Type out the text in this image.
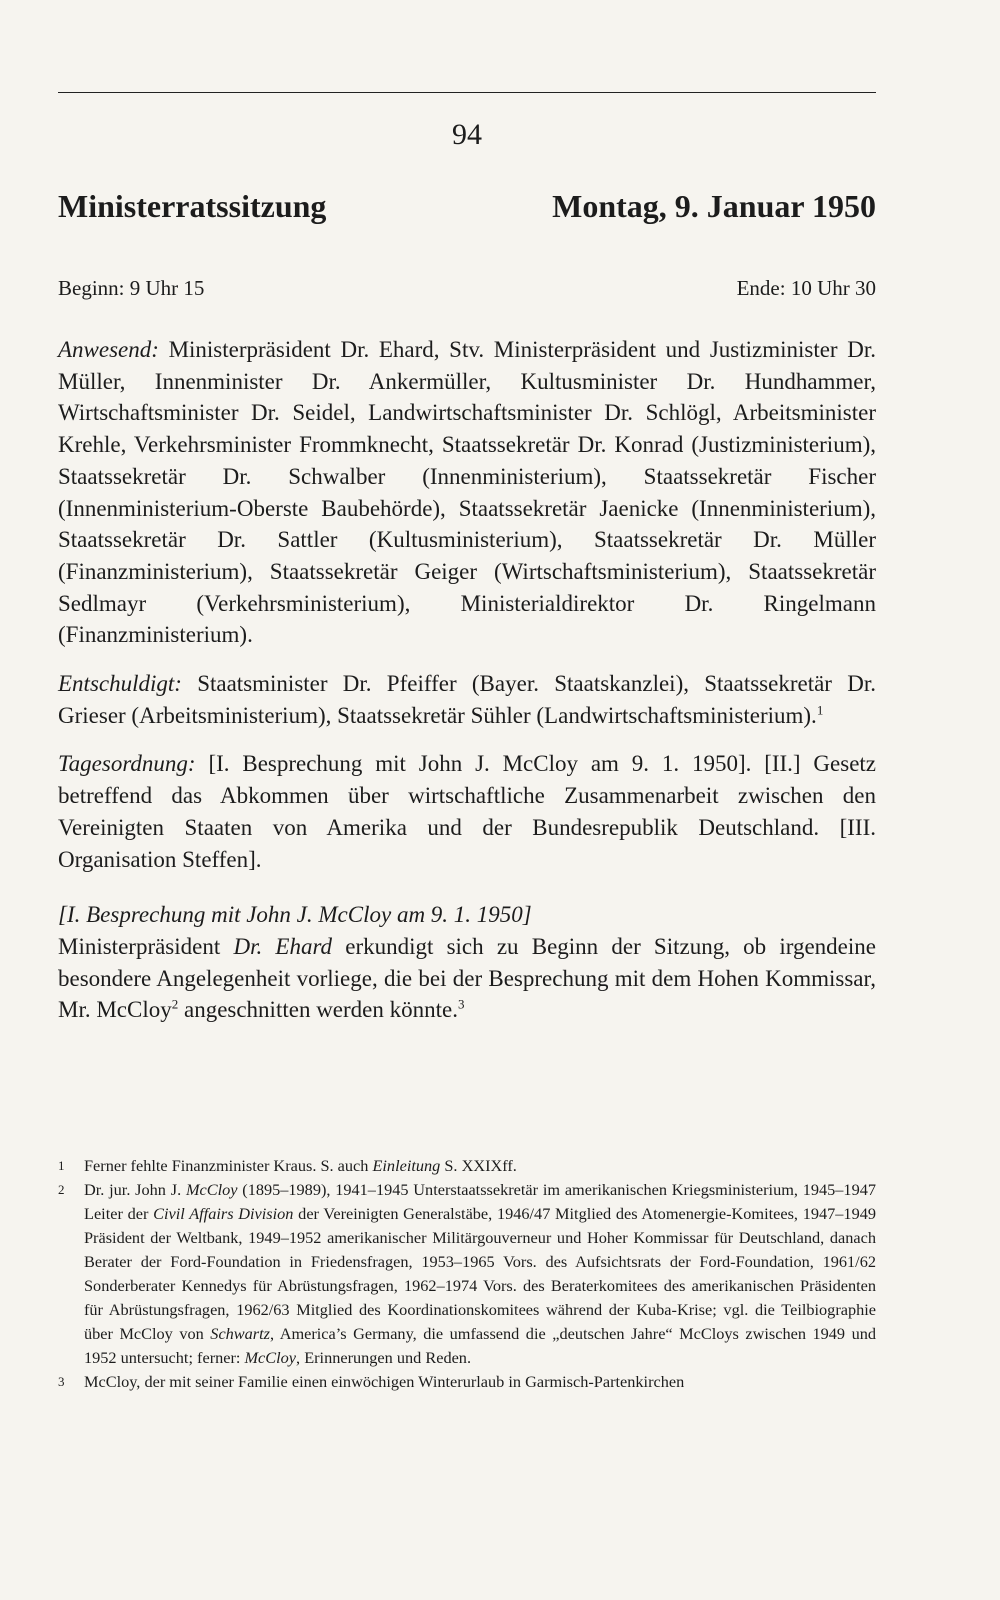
94
Ministerratssitzung	Montag, 9. Januar 1950
Beginn: 9 Uhr 15	Ende: 10 Uhr 30

Anwesend: Ministerpräsident Dr. Ehard, Stv. Ministerpräsident und Justizminister Dr. Müller, Innenminister Dr. Ankermüller, Kultusminister Dr. Hundhammer, Wirtschaftsminister Dr. Seidel, Landwirtschaftsminister Dr. Schlögl, Arbeitsminister Krehle, Verkehrsminister Frommknecht, Staatssekretär Dr. Konrad (Justizministerium), Staatssekretär Dr. Schwalber (Innenministerium), Staatssekretär Fischer (Innenministerium-Oberste Baubehörde), Staatssekretär Jaenicke (Innenministerium), Staatssekretär Dr. Sattler (Kultusministerium), Staatssekretär Dr. Müller (Finanzministerium), Staatssekretär Geiger (Wirtschaftsministerium), Staatssekretär Sedlmayr (Verkehrsministerium), Ministerialdirektor Dr. Ringelmann (Finanzministerium).

Entschuldigt: Staatsminister Dr. Pfeiffer (Bayer. Staatskanzlei), Staatssekretär Dr. Grieser (Arbeitsministerium), Staatssekretär Sühler (Landwirtschaftsministerium).$^1$

Tagesordnung: [I. Besprechung mit John J. McCloy am 9. 1. 1950]. [II.] Gesetz betreffend das Abkommen über wirtschaftliche Zusammenarbeit zwischen den Vereinigten Staaten von Amerika und der Bundesrepublik Deutschland. [III. Organisation Steffen].

[I. Besprechung mit John J. McCloy am 9. 1. 1950]

Ministerpräsident Dr. Ehard erkundigt sich zu Beginn der Sitzung, ob irgendeine besondere Angelegenheit vorliege, die bei der Besprechung mit dem Hohen Kommissar, Mr. McCloy$^2$ angeschnitten werden könnte.$^3$

1	Ferner fehlte Finanzminister Kraus. S. auch Einleitung S. XXIXff.
2	Dr. jur. John J. McCloy (1895–1989), 1941–1945 Unterstaatssekretär im amerikanischen Kriegsministerium, 1945–1947 Leiter der Civil Affairs Division der Vereinigten Generalstäbe, 1946/47 Mitglied des Atomenergie-Komitees, 1947–1949 Präsident der Weltbank, 1949–1952 amerikanischer Militärgouverneur und Hoher Kommissar für Deutschland, danach Berater der Ford-Foundation in Friedensfragen, 1953–1965 Vors. des Aufsichtsrats der Ford-Foundation, 1961/62 Sonderberater Kennedys für Abrüstungsfragen, 1962–1974 Vors. des Beraterkomitees des amerikanischen Präsidenten für Abrüstungsfragen, 1962/63 Mitglied des Koordinationskomitees während der Kuba-Krise; vgl. die Teilbiographie über McCloy von Schwartz, America’s Germany, die umfassend die „deutschen Jahre“ McCloys zwischen 1949 und 1952 untersucht; ferner: McCloy, Erinnerungen und Reden.
3	McCloy, der mit seiner Familie einen einwöchigen Winterurlaub in Garmisch-Partenkirchen
